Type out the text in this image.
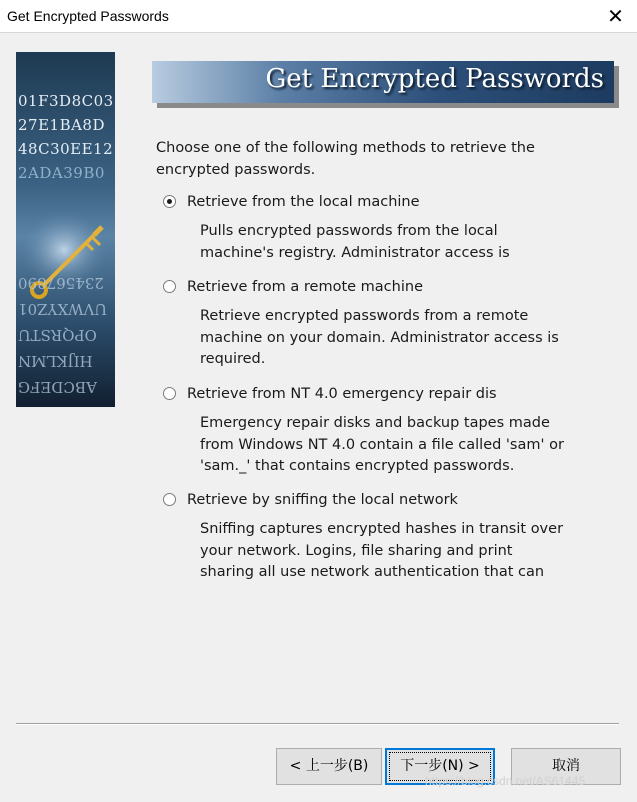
Get Encrypted Passwords	✕
01F3D8C03
27E1BA8D
48C30EE12
2ADA39B0
234567890
UVWXYZ01
OPQRSTU
HIJKLMN
ABCDEFG
Get Encrypted Passwords
Choose one of the following methods to retrieve the encrypted passwords.
Retrieve from the local machine
Pulls encrypted passwords from the local machine's registry. Administrator access is
Retrieve from a remote machine
Retrieve encrypted passwords from a remote machine on your domain. Administrator access is required.
Retrieve from NT 4.0 emergency repair dis
Emergency repair disks and backup tapes made from Windows NT 4.0 contain a file called 'sam' or 'sam._' that contains encrypted passwords.
Retrieve by sniffing the local network
Sniffing captures encrypted hashes in transit over your network. Logins, file sharing and print sharing all use network authentication that can
< 上一步(B)	下一步(N) >	取消
https://blog.csdn.net/AS61445
